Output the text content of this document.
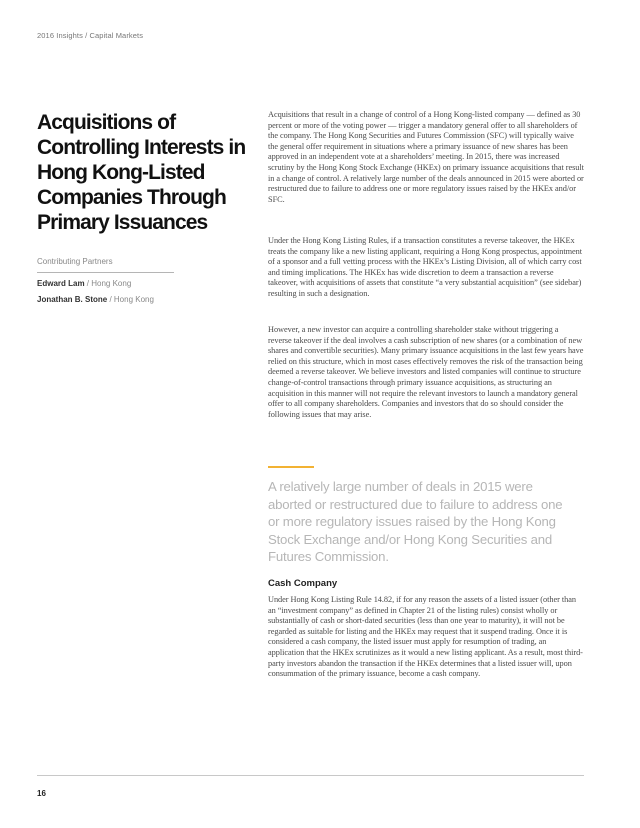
2016 Insights / Capital Markets
Acquisitions of Controlling Interests in Hong Kong-Listed Companies Through Primary Issuances
Contributing Partners
Edward Lam / Hong Kong
Jonathan B. Stone / Hong Kong

Acquisitions that result in a change of control of a Hong Kong-listed company — defined as 30 percent or more of the voting power — trigger a mandatory general offer to all shareholders of the company. The Hong Kong Securities and Futures Commission (SFC) will typically waive the general offer requirement in situations where a primary issuance of new shares has been approved in an independent vote at a shareholders’ meeting. In 2015, there was increased scrutiny by the Hong Kong Stock Exchange (HKEx) on primary issuance acquisitions that result in a change of control. A relatively large number of the deals announced in 2015 were aborted or restructured due to failure to address one or more regulatory issues raised by the HKEx and/or SFC.

Under the Hong Kong Listing Rules, if a transaction constitutes a reverse takeover, the HKEx treats the company like a new listing applicant, requiring a Hong Kong prospectus, appointment of a sponsor and a full vetting process with the HKEx’s Listing Division, all of which carry cost and timing implications. The HKEx has wide discretion to deem a transaction a reverse takeover, with acquisitions of assets that constitute “a very substantial acquisition” (see sidebar) resulting in such a designation.

However, a new investor can acquire a controlling shareholder stake without triggering a reverse takeover if the deal involves a cash subscription of new shares (or a combination of new shares and convertible securities). Many primary issuance acquisitions in the last few years have relied on this structure, which in most cases effectively removes the risk of the transaction being deemed a reverse takeover. We believe investors and listed companies will continue to structure change-of-control transactions through primary issuance acquisitions, as structuring an acquisition in this manner will not require the relevant investors to launch a mandatory general offer to all company shareholders. Companies and investors that do so should consider the following issues that may arise.

A relatively large number of deals in 2015 were aborted or restructured due to failure to address one or more regulatory issues raised by the Hong Kong Stock Exchange and/or Hong Kong Securities and Futures Commission.
Cash Company

Under Hong Kong Listing Rule 14.82, if for any reason the assets of a listed issuer (other than an “investment company” as defined in Chapter 21 of the listing rules) consist wholly or substantially of cash or short-dated securities (less than one year to maturity), it will not be regarded as suitable for listing and the HKEx may request that it suspend trading. Once it is considered a cash company, the listed issuer must apply for resumption of trading, an application that the HKEx scrutinizes as it would a new listing applicant. As a result, most third-party investors abandon the transaction if the HKEx determines that a listed issuer will, upon consummation of the primary issuance, become a cash company.

16
